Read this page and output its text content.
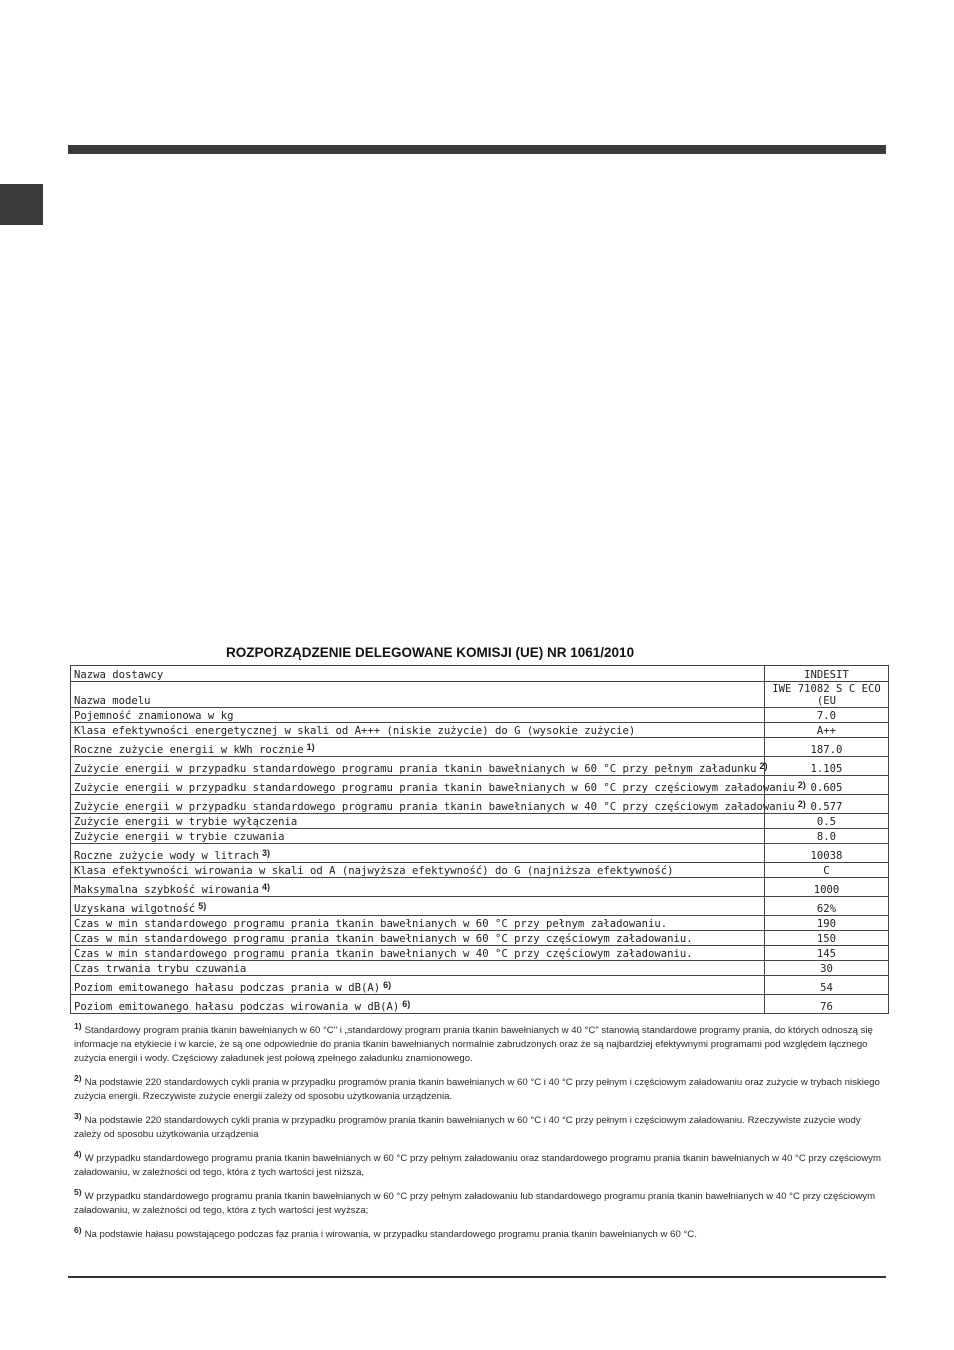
ROZPORZĄDZENIE DELEGOWANE KOMISJI (UE) NR 1061/2010
Nazwa dostawcy	INDESIT
Nazwa modelu	IWE 71082 S C ECO (EU
Pojemność znamionowa w kg	7.0
Klasa efektywności energetycznej w skali od A+++ (niskie zużycie) do G (wysokie zużycie)	A++
Roczne zużycie energii w kWh rocznie $^{1)}$	187.0
Zużycie energii w przypadku standardowego programu prania tkanin bawełnianych w 60 °C przy pełnym załadunku $^{2)}$	1.105
Zużycie energii w przypadku standardowego programu prania tkanin bawełnianych w 60 °C przy częściowym załadowaniu $^{2)}$	0.605
Zużycie energii w przypadku standardowego programu prania tkanin bawełnianych w 40 °C przy częściowym załadowaniu $^{2)}$	0.577
Zużycie energii w trybie wyłączenia	0.5
Zużycie energii w trybie czuwania	8.0
Roczne zużycie wody w litrach $^{3)}$	10038
Klasa efektywności wirowania w skali od A (najwyższa efektywność) do G (najniższa efektywność)	C
Maksymalna szybkość wirowania $^{4)}$	1000
Uzyskana wilgotność $^{5)}$	62%
Czas w min standardowego programu prania tkanin bawełnianych w 60 °C przy pełnym załadowaniu.	190
Czas w min standardowego programu prania tkanin bawełnianych w 60 °C przy częściowym załadowaniu.	150
Czas w min standardowego programu prania tkanin bawełnianych w 40 °C przy częściowym załadowaniu.	145
Czas trwania trybu czuwania	30
Poziom emitowanego hałasu podczas prania w dB(A) $^{6)}$	54
Poziom emitowanego hałasu podczas wirowania w dB(A) $^{6)}$	76
$^{1)}$ Standardowy program prania tkanin bawełnianych w 60 °C" i „standardowy program prania tkanin bawełnianych w 40 °C" stanowią standardowe programy prania, do których odnoszą się informacje na etykiecie i w karcie, że są one odpowiednie do prania tkanin bawełnianych normalnie zabrudzonych oraz że są najbardziej efektywnymi programami pod względem łącznego zużycia energii i wody. Częściowy załadunek jest połową zpełnego załadunku znamionowego.
$^{2)}$ Na podstawie 220 standardowych cykli prania w przypadku programów prania tkanin bawełnianych w 60 °C i 40 °C przy pełnym i częściowym załadowaniu oraz zużycie w trybach niskiego zużycia energii. Rzeczywiste zużycie energii zależy od sposobu użytkowania urządzenia.
$^{3)}$ Na podstawie 220 standardowych cykli prania w przypadku programów prania tkanin bawełnianych w 60 °C i 40 °C przy pełnym i częściowym załadowaniu. Rzeczywiste zużycie wody zależy od sposobu użytkowania urządzenia
$^{4)}$ W przypadku standardowego programu prania tkanin bawełnianych w 60 °C przy pełnym załadowaniu oraz standardowego programu prania tkanin bawełnianych w 40 °C przy częściowym załadowaniu, w zależności od tego, która z tych wartości jest niższa,
$^{5)}$ W przypadku standardowego programu prania tkanin bawełnianych w 60 °C przy pełnym załadowaniu lub standardowego programu prania tkanin bawełnianych w 40 °C przy częściowym załadowaniu, w zależności od tego, która z tych wartości jest wyższa;
$^{6)}$ Na podstawie hałasu powstającego podczas faz prania i wirowania, w przypadku standardowego programu prania tkanin bawełnianych w 60 °C.
